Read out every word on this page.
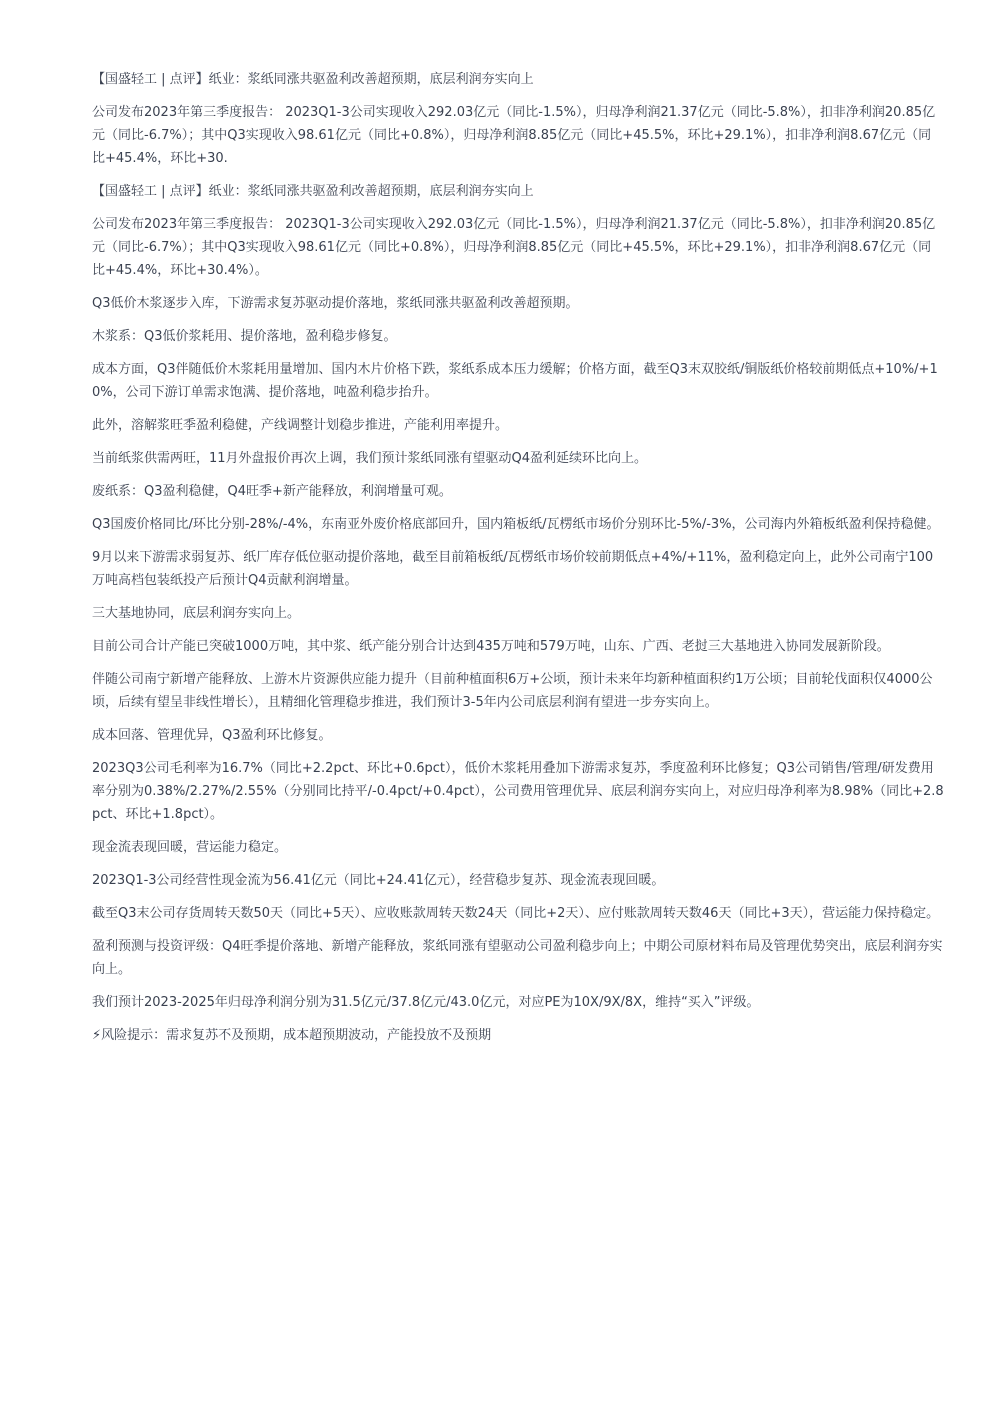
【国盛轻工 | 点评】纸业：浆纸同涨共驱盈利改善超预期，底层利润夯实向上

公司发布2023年第三季度报告： 2023Q1-3公司实现收入292.03亿元（同比-1.5%），归母净利润21.37亿元（同比-5.8%），扣非净利润20.85亿元（同比-6.7%）；其中Q3实现收入98.61亿元（同比+0.8%），归母净利润8.85亿元（同比+45.5%，环比+29.1%），扣非净利润8.67亿元（同比+45.4%，环比+30.

【国盛轻工 | 点评】纸业：浆纸同涨共驱盈利改善超预期，底层利润夯实向上

公司发布2023年第三季度报告： 2023Q1-3公司实现收入292.03亿元（同比-1.5%），归母净利润21.37亿元（同比-5.8%），扣非净利润20.85亿元（同比-6.7%）；其中Q3实现收入98.61亿元（同比+0.8%），归母净利润8.85亿元（同比+45.5%，环比+29.1%），扣非净利润8.67亿元（同比+45.4%，环比+30.4%）。

Q3低价木浆逐步入库，下游需求复苏驱动提价落地，浆纸同涨共驱盈利改善超预期。

木浆系：Q3低价浆耗用、提价落地，盈利稳步修复。

成本方面，Q3伴随低价木浆耗用量增加、国内木片价格下跌，浆纸系成本压力缓解；价格方面，截至Q3末双胶纸/铜版纸价格较前期低点+10%/+10%，公司下游订单需求饱满、提价落地，吨盈利稳步抬升。

此外，溶解浆旺季盈利稳健，产线调整计划稳步推进，产能利用率提升。

当前纸浆供需两旺，11月外盘报价再次上调，我们预计浆纸同涨有望驱动Q4盈利延续环比向上。

废纸系：Q3盈利稳健，Q4旺季+新产能释放，利润增量可观。

Q3国废价格同比/环比分别-28%/-4%，东南亚外废价格底部回升，国内箱板纸/瓦楞纸市场价分别环比-5%/-3%，公司海内外箱板纸盈利保持稳健。

9月以来下游需求弱复苏、纸厂库存低位驱动提价落地，截至目前箱板纸/瓦楞纸市场价较前期低点+4%/+11%，盈利稳定向上，此外公司南宁100万吨高档包装纸投产后预计Q4贡献利润增量。

三大基地协同，底层利润夯实向上。

目前公司合计产能已突破1000万吨，其中浆、纸产能分别合计达到435万吨和579万吨，山东、广西、老挝三大基地进入协同发展新阶段。

伴随公司南宁新增产能释放、上游木片资源供应能力提升（目前种植面积6万+公顷，预计未来年均新种植面积约1万公顷；目前轮伐面积仅4000公顷，后续有望呈非线性增长），且精细化管理稳步推进，我们预计3-5年内公司底层利润有望进一步夯实向上。

成本回落、管理优异，Q3盈利环比修复。

2023Q3公司毛利率为16.7%（同比+2.2pct、环比+0.6pct），低价木浆耗用叠加下游需求复苏，季度盈利环比修复；Q3公司销售/管理/研发费用率分别为0.38%/2.27%/2.55%（分别同比持平/-0.4pct/+0.4pct），公司费用管理优异、底层利润夯实向上，对应归母净利率为8.98%（同比+2.8pct、环比+1.8pct）。

现金流表现回暖，营运能力稳定。

2023Q1-3公司经营性现金流为56.41亿元（同比+24.41亿元），经营稳步复苏、现金流表现回暖。

截至Q3末公司存货周转天数50天（同比+5天）、应收账款周转天数24天（同比+2天）、应付账款周转天数46天（同比+3天），营运能力保持稳定。

盈利预测与投资评级：Q4旺季提价落地、新增产能释放，浆纸同涨有望驱动公司盈利稳步向上；中期公司原材料布局及管理优势突出，底层利润夯实向上。

我们预计2023-2025年归母净利润分别为31.5亿元/37.8亿元/43.0亿元，对应PE为10X/9X/8X，维持“买入”评级。

⚡风险提示：需求复苏不及预期，成本超预期波动，产能投放不及预期
